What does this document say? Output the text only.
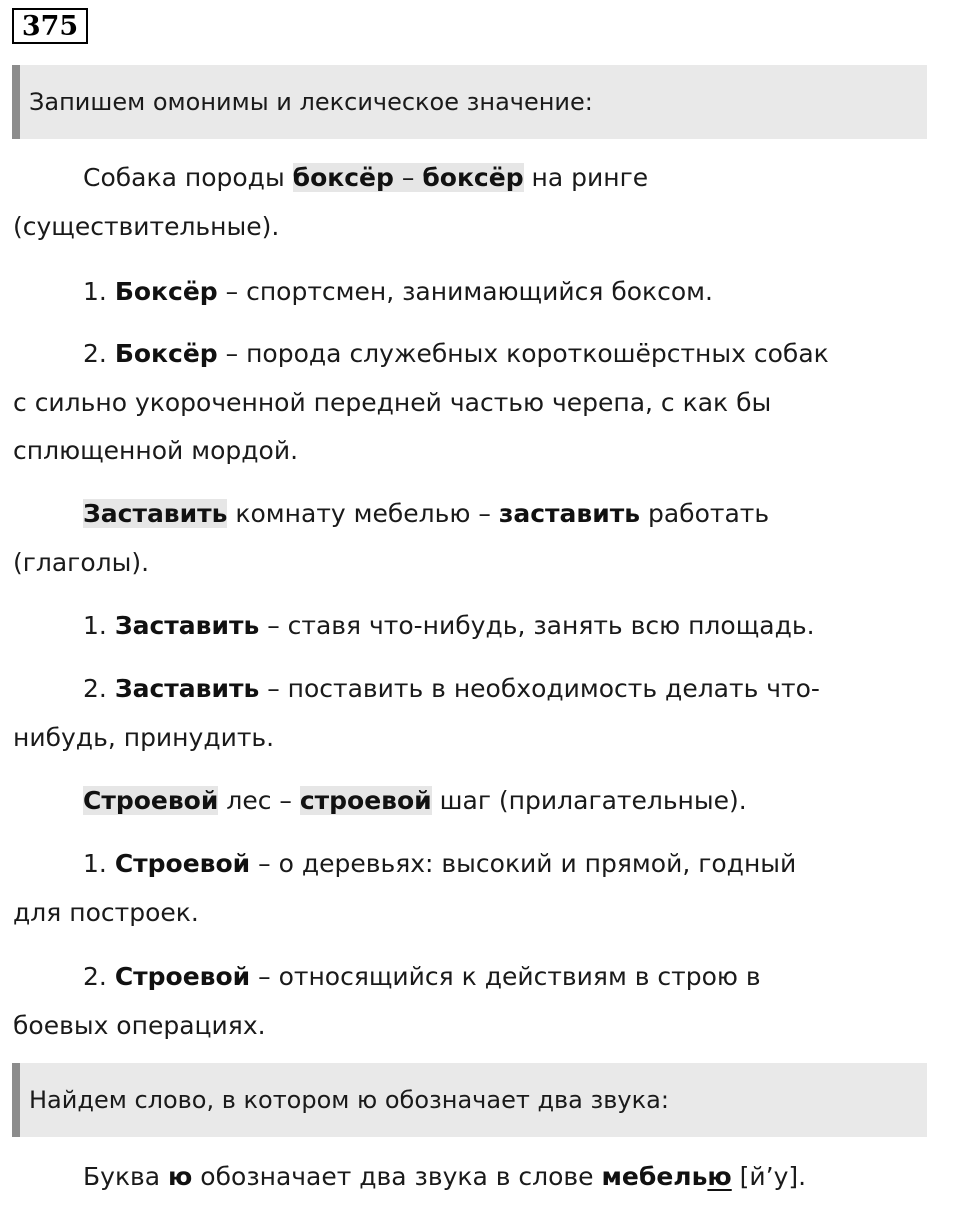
375
Запишем омонимы и лексическое значение:
Собака породы боксёр – боксёр на ринге
(существительные).
1. Боксёр – спортсмен, занимающийся боксом.
2. Боксёр – порода служебных короткошёрстных собак
с сильно укороченной передней частью черепа, с как бы
сплющенной мордой.
Заставить комнату мебелью – заставить работать
(глаголы).
1. Заставить – ставя что-нибудь, занять всю площадь.
2. Заставить – поставить в необходимость делать что-
нибудь, принудить.
Строевой лес – строевой шаг (прилагательные).
1. Строевой – о деревьях: высокий и прямой, годный
для построек.
2. Строевой – относящийся к действиям в строю в
боевых операциях.
Найдем слово, в котором ю обозначает два звука:
Буква ю обозначает два звука в слове мебелью [й’у].
